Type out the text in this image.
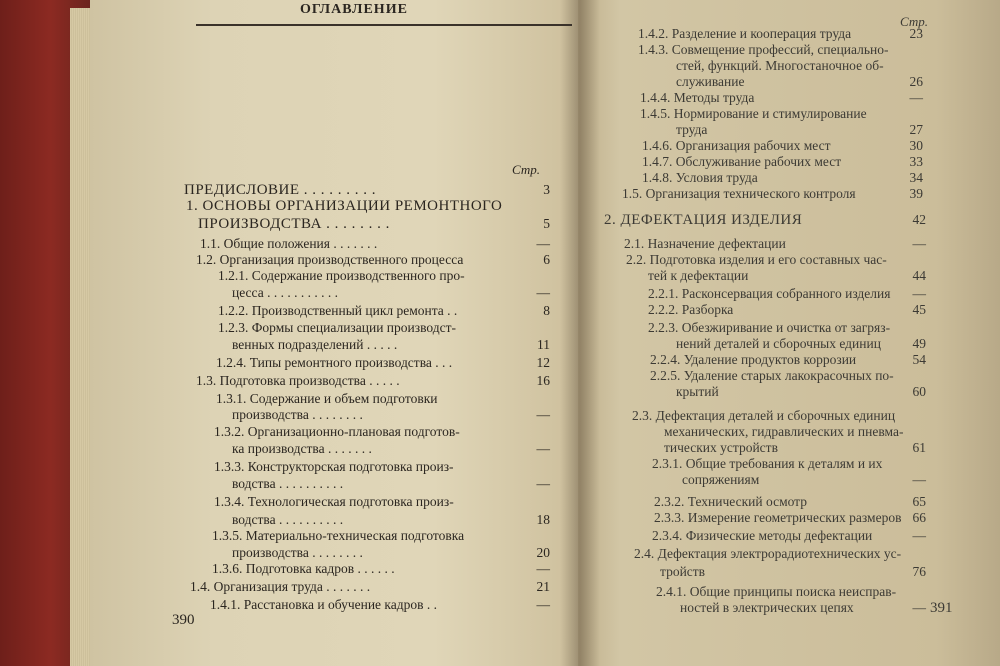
ОГЛАВЛЕНИЕ
Стр.
ПРЕДИСЛОВИЕ . . . . . . . . .	3
1. ОСНОВЫ ОРГАНИЗАЦИИ РЕМОНТНОГО
ПРОИЗВОДСТВА . . . . . . . .	5
1.1. Общие положения . . . . . . .	—
1.2. Организация производственного процесса	6
1.2.1. Содержание производственного про-
цесса . . . . . . . . . . .	—
1.2.2. Производственный цикл ремонта . .	8
1.2.3. Формы специализации производст-
венных подразделений . . . . .	11
1.2.4. Типы ремонтного производства . . .	12
1.3. Подготовка производства . . . . .	16
1.3.1. Содержание и объем подготовки
производства . . . . . . . .	—
1.3.2. Организационно-плановая подготов-
ка производства . . . . . . .	—
1.3.3. Конструкторская подготовка произ-
водства . . . . . . . . . .	—
1.3.4. Технологическая подготовка произ-
водства . . . . . . . . . .	18
1.3.5. Материально-техническая подготовка
производства . . . . . . . .	20
1.3.6. Подготовка кадров . . . . . .	—
1.4. Организация труда . . . . . . .	21
1.4.1. Расстановка и обучение кадров . .	—
390
Стр.
1.4.2. Разделение и кооперация труда	23
1.4.3. Совмещение профессий, специально-
стей, функций. Многостаночное об-
служивание	26
1.4.4. Методы труда	—
1.4.5. Нормирование и стимулирование
труда	27
1.4.6. Организация рабочих мест	30
1.4.7. Обслуживание рабочих мест	33
1.4.8. Условия труда	34
1.5. Организация технического контроля	39
2. ДЕФЕКТАЦИЯ ИЗДЕЛИЯ	42
2.1. Назначение дефектации	—
2.2. Подготовка изделия и его составных час-
тей к дефектации	44
2.2.1. Расконсервация собранного изделия	—
2.2.2. Разборка	45
2.2.3. Обезжиривание и очистка от загряз-
нений деталей и сборочных единиц	49
2.2.4. Удаление продуктов коррозии	54
2.2.5. Удаление старых лакокрасочных по-
крытий	60
2.3. Дефектация деталей и сборочных единиц
механических, гидравлических и пневма-
тических устройств	61
2.3.1. Общие требования к деталям и их
сопряжениям	—
2.3.2. Технический осмотр	65
2.3.3. Измерение геометрических размеров 66
2.3.4. Физические методы дефектации	—
2.4. Дефектация электрорадиотехнических ус-
тройств	76
2.4.1. Общие принципы поиска неисправ-
ностей в электрических цепях	— 391
